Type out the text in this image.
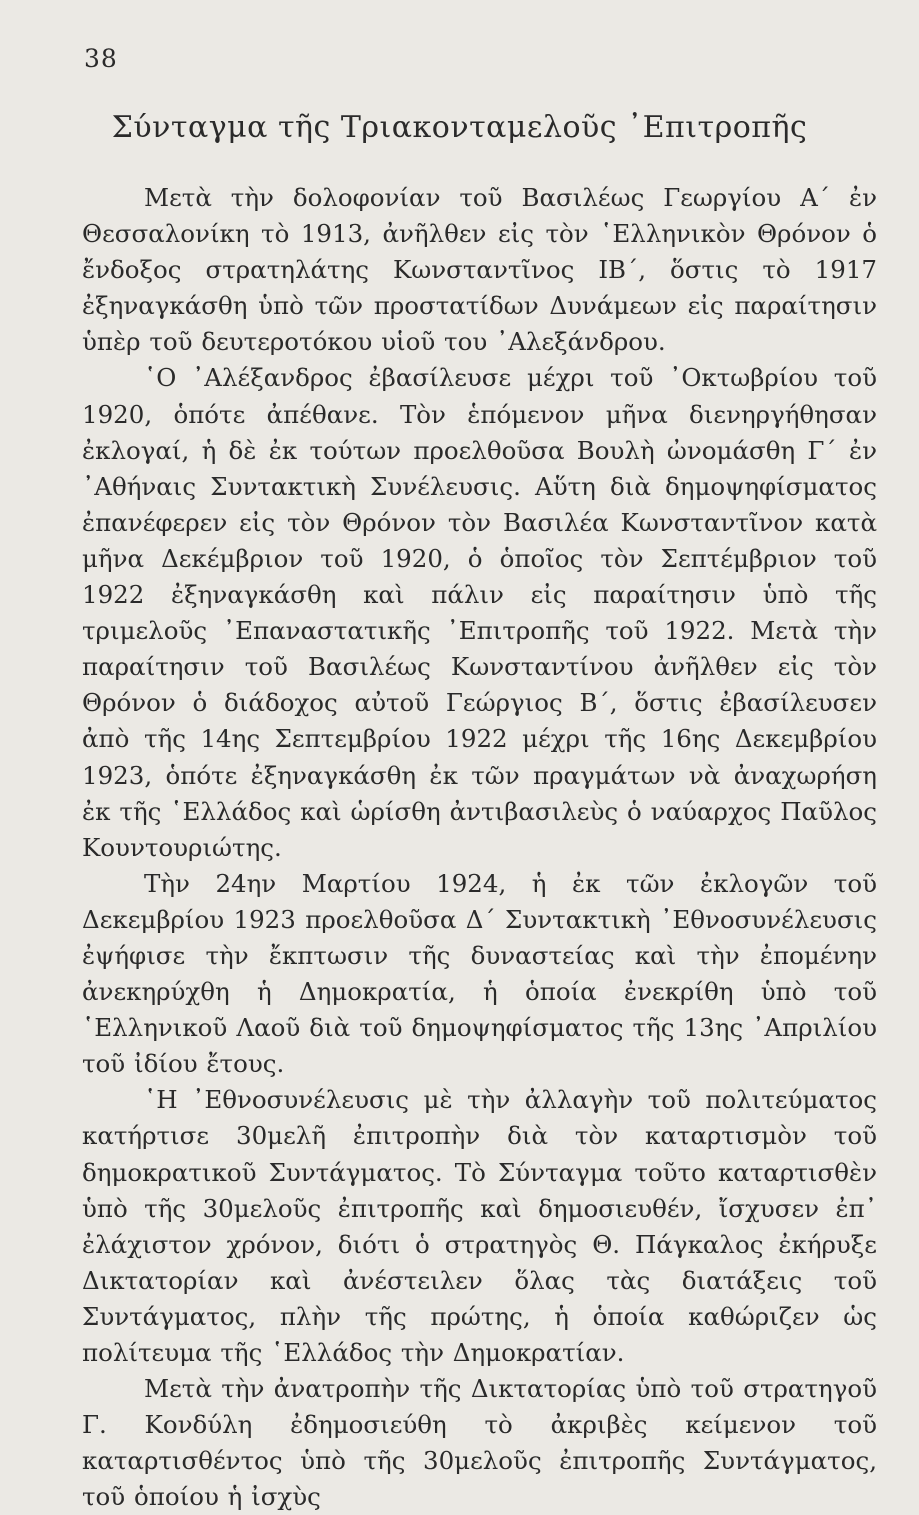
38
Σύνταγμα τῆς Τριακονταμελοῦς ᾿Επιτροπῆς

Μετὰ τὴν δολοφονίαν τοῦ Βασιλέως Γεωργίου Α΄ ἐν Θεσσαλονίκη τὸ 1913, ἀνῆλθεν εἰς τὸν ῾Ελληνικὸν Θρόνον ὁ ἔνδοξος στρατηλάτης Κωνσταντῖνος ΙΒ΄, ὅστις τὸ 1917 ἐξηναγκάσθη ὑπὸ τῶν προστατίδων Δυνάμεων εἰς παραίτησιν ὑπὲρ τοῦ δευτεροτόκου υἱοῦ του ᾿Αλεξάνδρου.

῾Ο ᾿Αλέξανδρος ἐβασίλευσε μέχρι τοῦ ᾿Οκτωβρίου τοῦ 1920, ὁπότε ἀπέθανε. Τὸν ἑπόμενον μῆνα διενηργήθησαν ἐκλογαί, ἡ δὲ ἐκ τούτων προελθοῦσα Βουλὴ ὠνομάσθη Γ΄ ἐν ᾿Αθήναις Συντακτικὴ Συνέλευσις. Αὕτη διὰ δημοψηφίσματος ἐπανέφερεν εἰς τὸν Θρόνον τὸν Βασιλέα Κωνσταντῖνον κατὰ μῆνα Δεκέμβριον τοῦ 1920, ὁ ὁποῖος τὸν Σεπτέμβριον τοῦ 1922 ἐξηναγκάσθη καὶ πάλιν εἰς παραίτησιν ὑπὸ τῆς τριμελοῦς ᾿Επαναστατικῆς ᾿Επιτροπῆς τοῦ 1922. Μετὰ τὴν παραίτησιν τοῦ Βασιλέως Κωνσταντίνου ἀνῆλθεν εἰς τὸν Θρόνον ὁ διάδοχος αὐτοῦ Γεώργιος Β΄, ὅστις ἐβασίλευσεν ἀπὸ τῆς 14ης Σεπτεμβρίου 1922 μέχρι τῆς 16ης Δεκεμβρίου 1923, ὁπότε ἐξηναγκάσθη ἐκ τῶν πραγμάτων νὰ ἀναχωρήση ἐκ τῆς ῾Ελλάδος καὶ ὡρίσθη ἀντιβασιλεὺς ὁ ναύαρχος Παῦλος Κουντουριώτης.

Τὴν 24ην Μαρτίου 1924, ἡ ἐκ τῶν ἐκλογῶν τοῦ Δεκεμβρίου 1923 προελθοῦσα Δ΄ Συντακτικὴ ᾿Εθνοσυνέλευσις ἐψήφισε τὴν ἔκπτωσιν τῆς δυναστείας καὶ τὴν ἐπομένην ἀνεκηρύχθη ἡ Δημοκρατία, ἡ ὁποία ἐνεκρίθη ὑπὸ τοῦ ῾Ελληνικοῦ Λαοῦ διὰ τοῦ δημοψηφίσματος τῆς 13ης ᾿Απριλίου τοῦ ἰδίου ἔτους.

῾Η ᾿Εθνοσυνέλευσις μὲ τὴν ἀλλαγὴν τοῦ πολιτεύματος κατήρτισε 30μελῆ ἐπιτροπὴν διὰ τὸν καταρτισμὸν τοῦ δημοκρατικοῦ Συντάγματος. Τὸ Σύνταγμα τοῦτο καταρτισθὲν ὑπὸ τῆς 30μελοῦς ἐπιτροπῆς καὶ δημοσιευθέν, ἴσχυσεν ἐπ᾿ ἐλάχιστον χρόνον, διότι ὁ στρατηγὸς Θ. Πάγκαλος ἐκήρυξε Δικτατορίαν καὶ ἀνέστειλεν ὅλας τὰς διατάξεις τοῦ Συντάγματος, πλὴν τῆς πρώτης, ἡ ὁποία καθώριζεν ὡς πολίτευμα τῆς ῾Ελλάδος τὴν Δημοκρατίαν.

Μετὰ τὴν ἀνατροπὴν τῆς Δικτατορίας ὑπὸ τοῦ στρατηγοῦ Γ. Κονδύλη ἐδημοσιεύθη τὸ ἀκριβὲς κείμενον τοῦ καταρτισθέντος ὑπὸ τῆς 30μελοῦς ἐπιτροπῆς Συντάγματος, τοῦ ὁποίου ἡ ἰσχὺς
